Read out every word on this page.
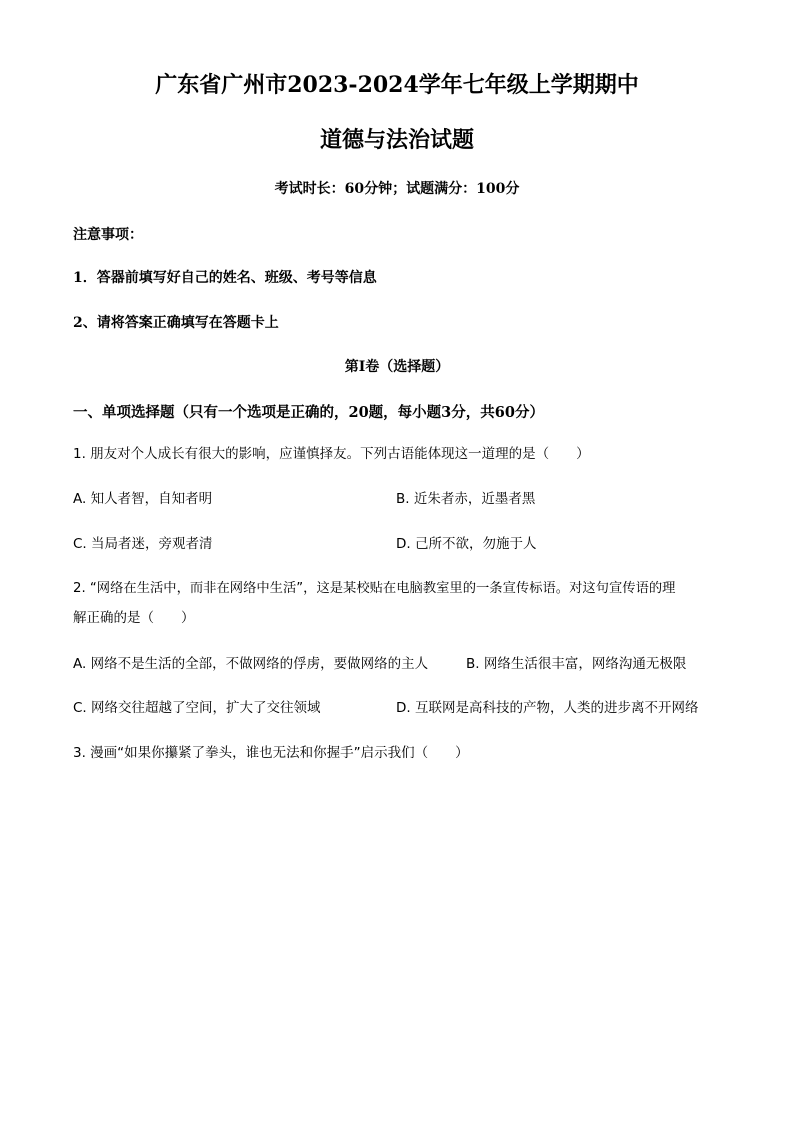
广东省广州市2023-2024学年七年级上学期期中
道德与法治试题
考试时长：60分钟；试题满分：100分
注意事项：
1．答器前填写好自己的姓名、班级、考号等信息
2、请将答案正确填写在答题卡上
第I卷（选择题）
一、单项选择题（只有一个选项是正确的，20题，每小题3分，共60分）
1. 朋友对个人成长有很大的影响，应谨慎择友。下列古语能体现这一道理的是（　　）
A. 知人者智，自知者明	B. 近朱者赤，近墨者黑
C. 当局者迷，旁观者清	D. 己所不欲，勿施于人
2. “网络在生活中，而非在网络中生活”，这是某校贴在电脑教室里的一条宣传标语。对这句宣传语的理
解正确的是（　　）
A. 网络不是生活的全部，不做网络的俘虏，要做网络的主人	B. 网络生活很丰富，网络沟通无极限
C. 网络交往超越了空间，扩大了交往领域	D. 互联网是高科技的产物，人类的进步离不开网络
3. 漫画“如果你攥紧了拳头，谁也无法和你握手”启示我们（　　）
